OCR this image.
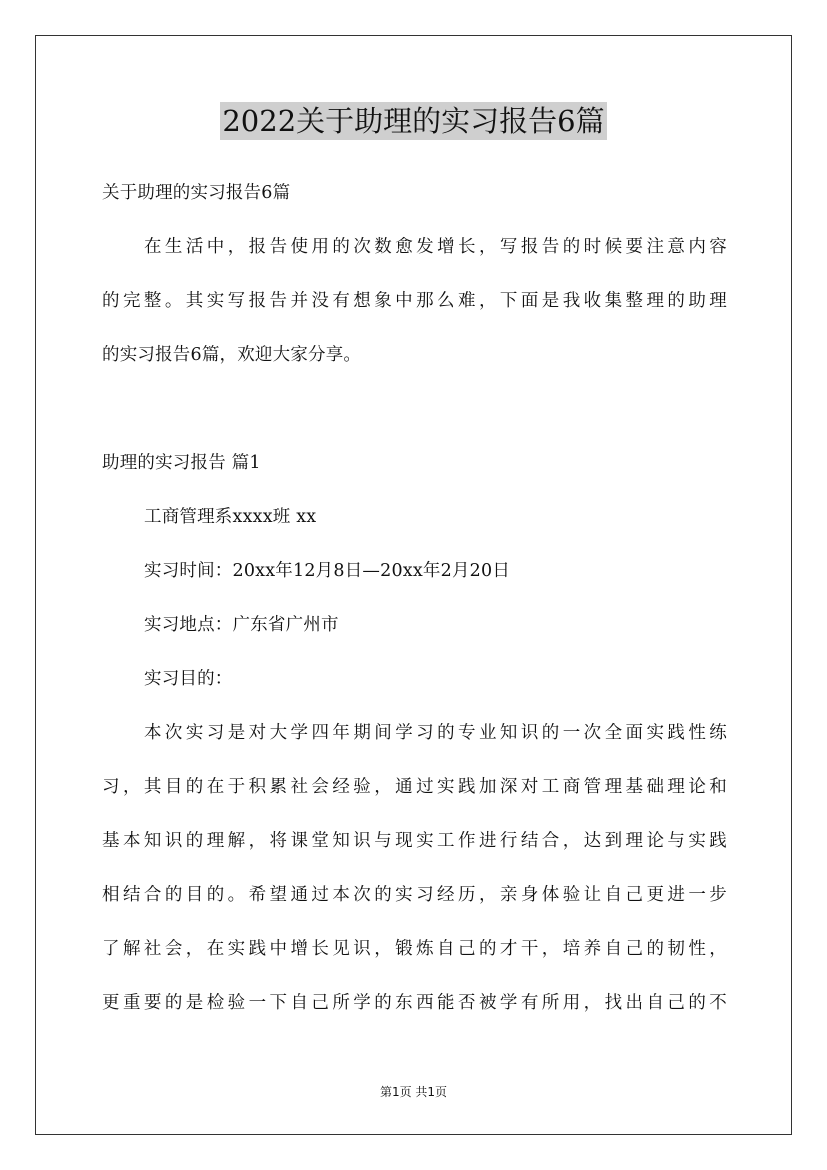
2022关于助理的实习报告6篇
关于助理的实习报告6篇
在生活中，报告使用的次数愈发增长，写报告的时候要注意内容
的完整。其实写报告并没有想象中那么难，下面是我收集整理的助理
的实习报告6篇，欢迎大家分享。
助理的实习报告 篇1
工商管理系xxxx班 xx
实习时间：20xx年12月8日—20xx年2月20日
实习地点：广东省广州市
实习目的：
本次实习是对大学四年期间学习的专业知识的一次全面实践性练
习，其目的在于积累社会经验，通过实践加深对工商管理基础理论和
基本知识的理解，将课堂知识与现实工作进行结合，达到理论与实践
相结合的目的。希望通过本次的实习经历，亲身体验让自己更进一步
了解社会，在实践中增长见识，锻炼自己的才干，培养自己的韧性，
更重要的是检验一下自己所学的东西能否被学有所用，找出自己的不
第1页 共1页
